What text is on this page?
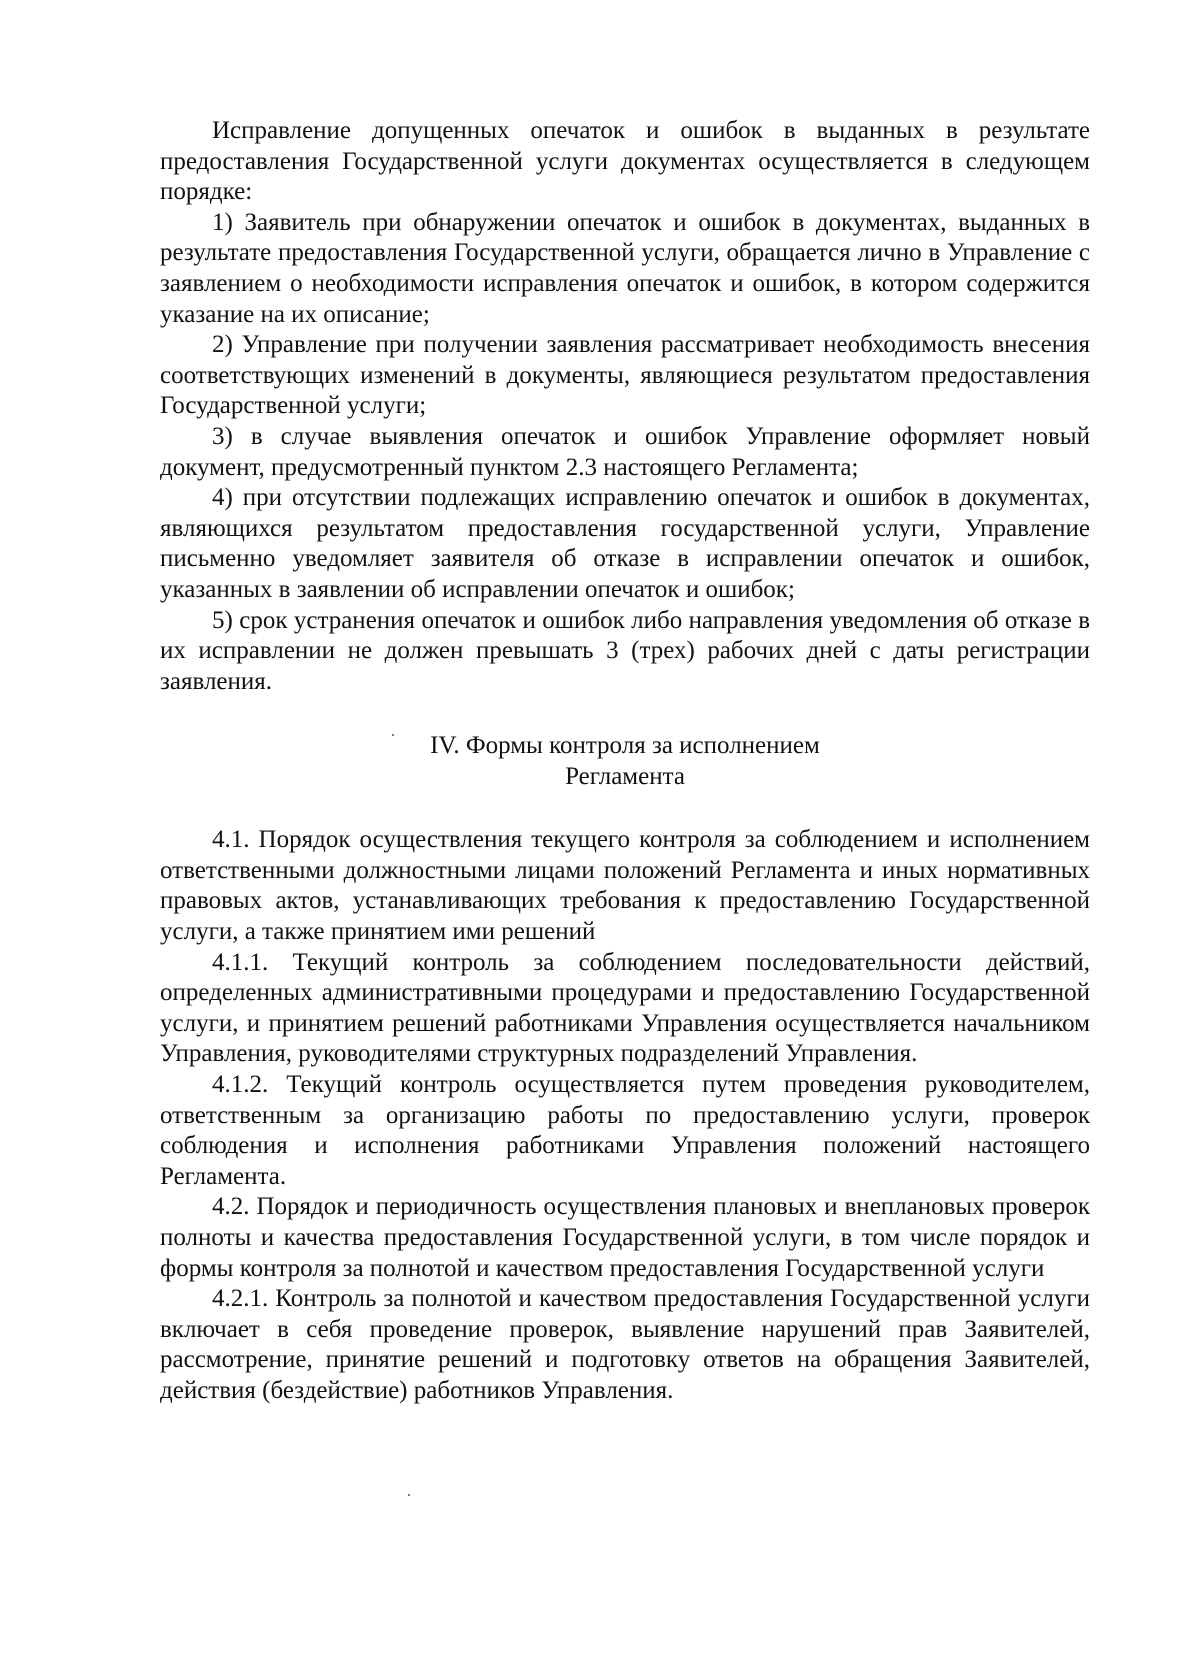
Исправление допущенных опечаток и ошибок в выданных в результате предоставления Государственной услуги документах осуществляется в следующем порядке:

1) Заявитель при обнаружении опечаток и ошибок в документах, выданных в результате предоставления Государственной услуги, обращается лично в Управление с заявлением о необходимости исправления опечаток и ошибок, в котором содержится указание на их описание;

2) Управление при получении заявления рассматривает необходимость внесения соответствующих изменений в документы, являющиеся результатом предоставления Государственной услуги;

3) в случае выявления опечаток и ошибок Управление оформляет новый документ, предусмотренный пунктом 2.3 настоящего Регламента;

4) при отсутствии подлежащих исправлению опечаток и ошибок в документах, являющихся результатом предоставления государственной услуги, Управление письменно уведомляет заявителя об отказе в исправлении опечаток и ошибок, указанных в заявлении об исправлении опечаток и ошибок;

5) срок устранения опечаток и ошибок либо направления уведомления об отказе в их исправлении не должен превышать 3 (трех) рабочих дней с даты регистрации заявления.

IV. Формы контроля за исполнением
Регламента

4.1. Порядок осуществления текущего контроля за соблюдением и исполнением ответственными должностными лицами положений Регламента и иных нормативных правовых актов, устанавливающих требования к предоставлению Государственной услуги, а также принятием ими решений

4.1.1. Текущий контроль за соблюдением последовательности действий, определенных административными процедурами и предоставлению Государственной услуги, и принятием решений работниками Управления осуществляется начальником Управления, руководителями структурных подразделений Управления.

4.1.2. Текущий контроль осуществляется путем проведения руководителем, ответственным за организацию работы по предоставлению услуги, проверок соблюдения и исполнения работниками Управления положений настоящего Регламента.

4.2. Порядок и периодичность осуществления плановых и внеплановых проверок полноты и качества предоставления Государственной услуги, в том числе порядок и формы контроля за полнотой и качеством предоставления Государственной услуги

4.2.1. Контроль за полнотой и качеством предоставления Государственной услуги включает в себя проведение проверок, выявление нарушений прав Заявителей, рассмотрение, принятие решений и подготовку ответов на обращения Заявителей, действия (бездействие) работников Управления.
